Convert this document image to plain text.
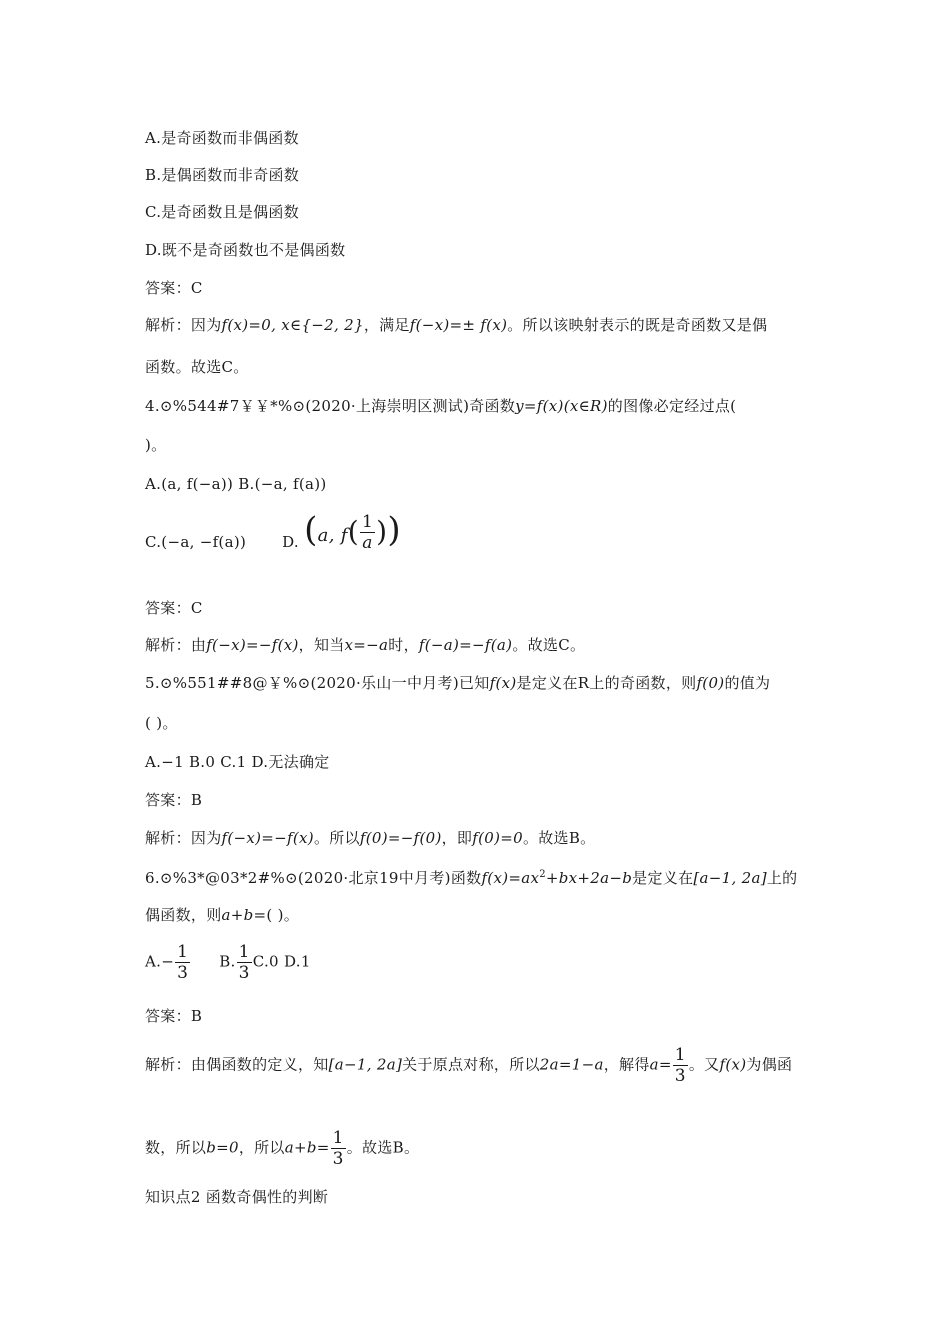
A.是奇函数而非偶函数
B.是偶函数而非奇函数
C.是奇函数且是偶函数
D.既不是奇函数也不是偶函数
答案：C
解析：因为f(x)=0, x∈{−2, 2}，满足f(−x)=± f(x)。所以该映射表示的既是奇函数又是偶
函数。故选C。
4.⊙%544#7￥￥*%⊙(2020·上海崇明区测试)奇函数y=f(x)(x∈R)的图像必定经过点(
)。
A.(a, f(−a)) B.(−a, f(a))
C.(−a, −f(a)) D. (a, $f( \frac{1}{a}$ ))
答案：C
解析：由f(−x)=−f(x)，知当x=−a时，f(−a)=−f(a)。故选C。
5.⊙%551##8@￥%⊙(2020·乐山一中月考)已知f(x)是定义在R上的奇函数，则f(0)的值为
( )。
A.−1 B.0 C.1 D.无法确定
答案：B
解析：因为f(−x)=−f(x)。所以f(0)=−f(0)，即f(0)=0。故选B。
6.⊙%3*@03*2#%⊙(2020·北京19中月考)函数$f(x)=ax^2+bx+2a-b$是定义在[a−1, 2a]上的
偶函数，则a+b=( )。
$A.- \frac{1}{3} B$. $\frac{1}{3} C.0$ D.1
答案：B
解析：由偶函数的定义，知[a−1, 2a]关于原点对称，所以2a=1−a，解得$a= \frac{1}{3}$ 。又f(x)为偶函
数，所以b=0，所以$a+b= \frac{1}{3}$ 。故选B。
知识点2 函数奇偶性的判断
